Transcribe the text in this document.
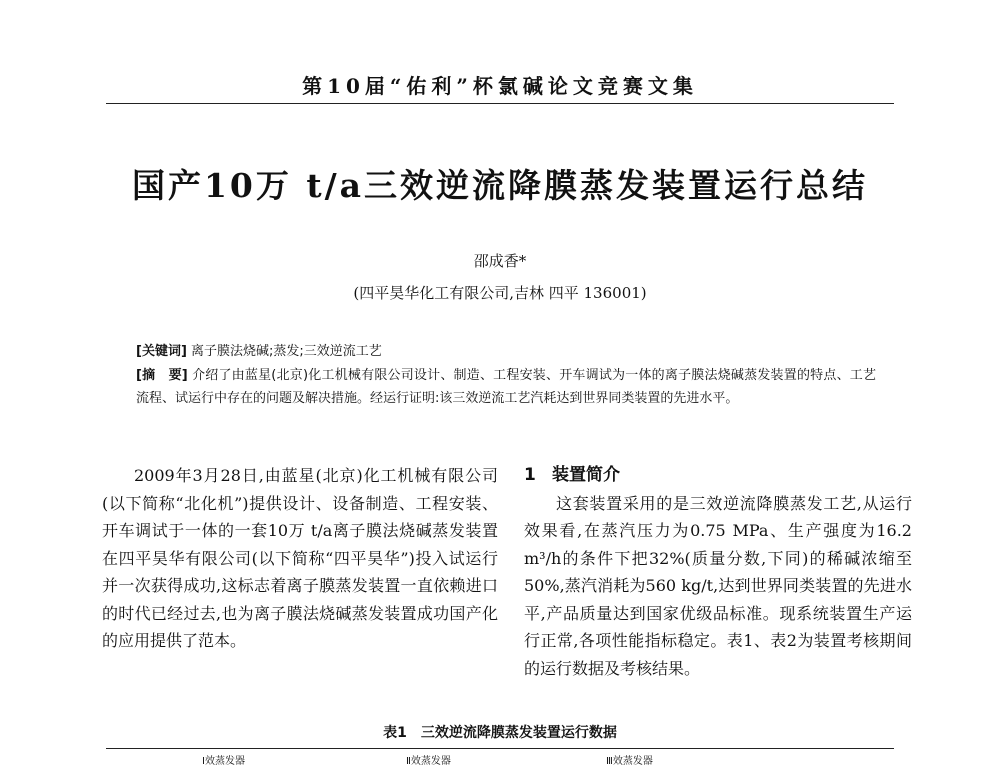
第10届“佑利”杯氯碱论文竞赛文集
国产10万 t/a三效逆流降膜蒸发装置运行总结
邵成香*
(四平昊华化工有限公司,吉林 四平 136001)
[关键词] 离子膜法烧碱;蒸发;三效逆流工艺
[摘　要] 介绍了由蓝星(北京)化工机械有限公司设计、制造、工程安装、开车调试为一体的离子膜法烧碱蒸发装置的特点、工艺流程、试运行中存在的问题及解决措施。经运行证明:该三效逆流工艺汽耗达到世界同类装置的先进水平。

2009年3月28日,由蓝星(北京)化工机械有限公司(以下简称“北化机”)提供设计、设备制造、工程安装、开车调试于一体的一套10万 t/a离子膜法烧碱蒸发装置在四平昊华有限公司(以下简称“四平昊华”)投入试运行并一次获得成功,这标志着离子膜蒸发装置一直依赖进口的时代已经过去,也为离子膜法烧碱蒸发装置成功国产化的应用提供了范本。

1 装置简介

这套装置采用的是三效逆流降膜蒸发工艺,从运行效果看,在蒸汽压力为0.75 MPa、生产强度为16.2 m³/h的条件下把32%(质量分数,下同)的稀碱浓缩至50%,蒸汽消耗为560 kg/t,达到世界同类装置的先进水平,产品质量达到国家优级品标准。现系统装置生产运行正常,各项性能指标稳定。表1、表2为装置考核期间的运行数据及考核结果。

表1　三效逆流降膜蒸发装置运行数据
Ⅰ效蒸发器	Ⅱ效蒸发器	Ⅲ效蒸发器
